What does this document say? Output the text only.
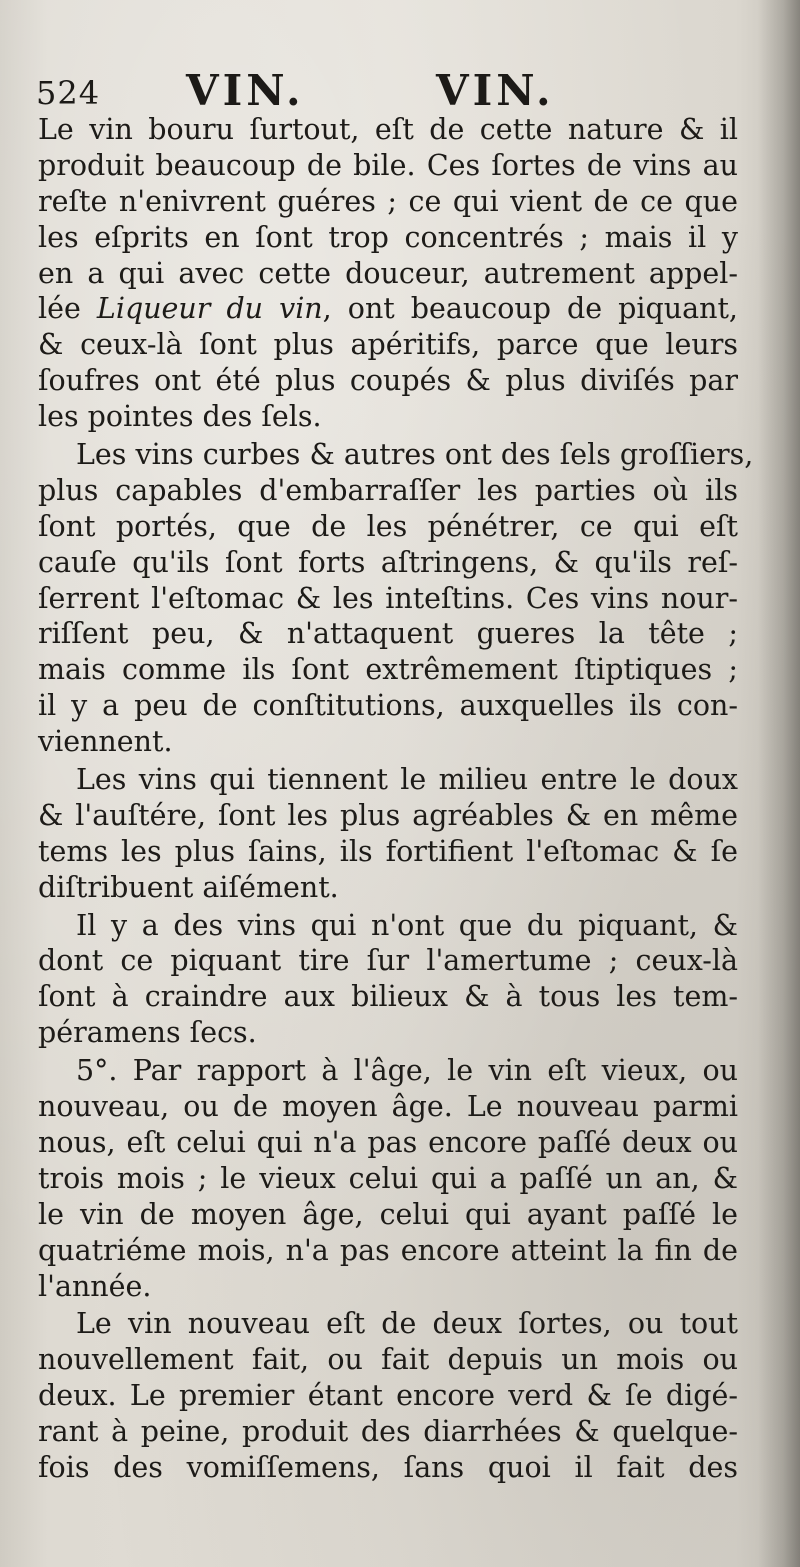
524 VIN.	VIN.
Le vin bouru ſurtout, eſt de cette nature & il
produit beaucoup de bile. Ces ſortes de vins au
reſte n'enivrent guéres ; ce qui vient de ce que
les eſprits en ſont trop concentrés ; mais il y
en a qui avec cette douceur, autrement appel-
lée Liqueur du vin, ont beaucoup de piquant,
& ceux-là ſont plus apéritifs, parce que leurs
ſoufres ont été plus coupés & plus diviſés par
les pointes des ſels.
Les vins curbes & autres ont des ſels groſſiers,
plus capables d'embarraſſer les parties où ils
ſont portés, que de les pénétrer, ce qui eſt
cauſe qu'ils ſont forts aſtringens, & qu'ils reſ-
ſerrent l'eſtomac & les inteſtins. Ces vins nour-
riſſent peu, & n'attaquent gueres la tête ;
mais comme ils ſont extrêmement ſtiptiques ;
il y a peu de conſtitutions, auxquelles ils con-
viennent.
Les vins qui tiennent le milieu entre le doux
& l'auſtére, ſont les plus agréables & en même
tems les plus ſains, ils fortifient l'eſtomac & ſe
diſtribuent aiſément.
Il y a des vins qui n'ont que du piquant, &
dont ce piquant tire ſur l'amertume ; ceux-là
ſont à craindre aux bilieux & à tous les tem-
péramens ſecs.
5°. Par rapport à l'âge, le vin eſt vieux, ou
nouveau, ou de moyen âge. Le nouveau parmi
nous, eſt celui qui n'a pas encore paſſé deux ou
trois mois ; le vieux celui qui a paſſé un an, &
le vin de moyen âge, celui qui ayant paſſé le
quatriéme mois, n'a pas encore atteint la fin de
l'année.
Le vin nouveau eſt de deux ſortes, ou tout
nouvellement fait, ou fait depuis un mois ou
deux. Le premier étant encore verd & ſe digé-
rant à peine, produit des diarrhées & quelque-
fois des vomiſſemens, ſans quoi il fait des
